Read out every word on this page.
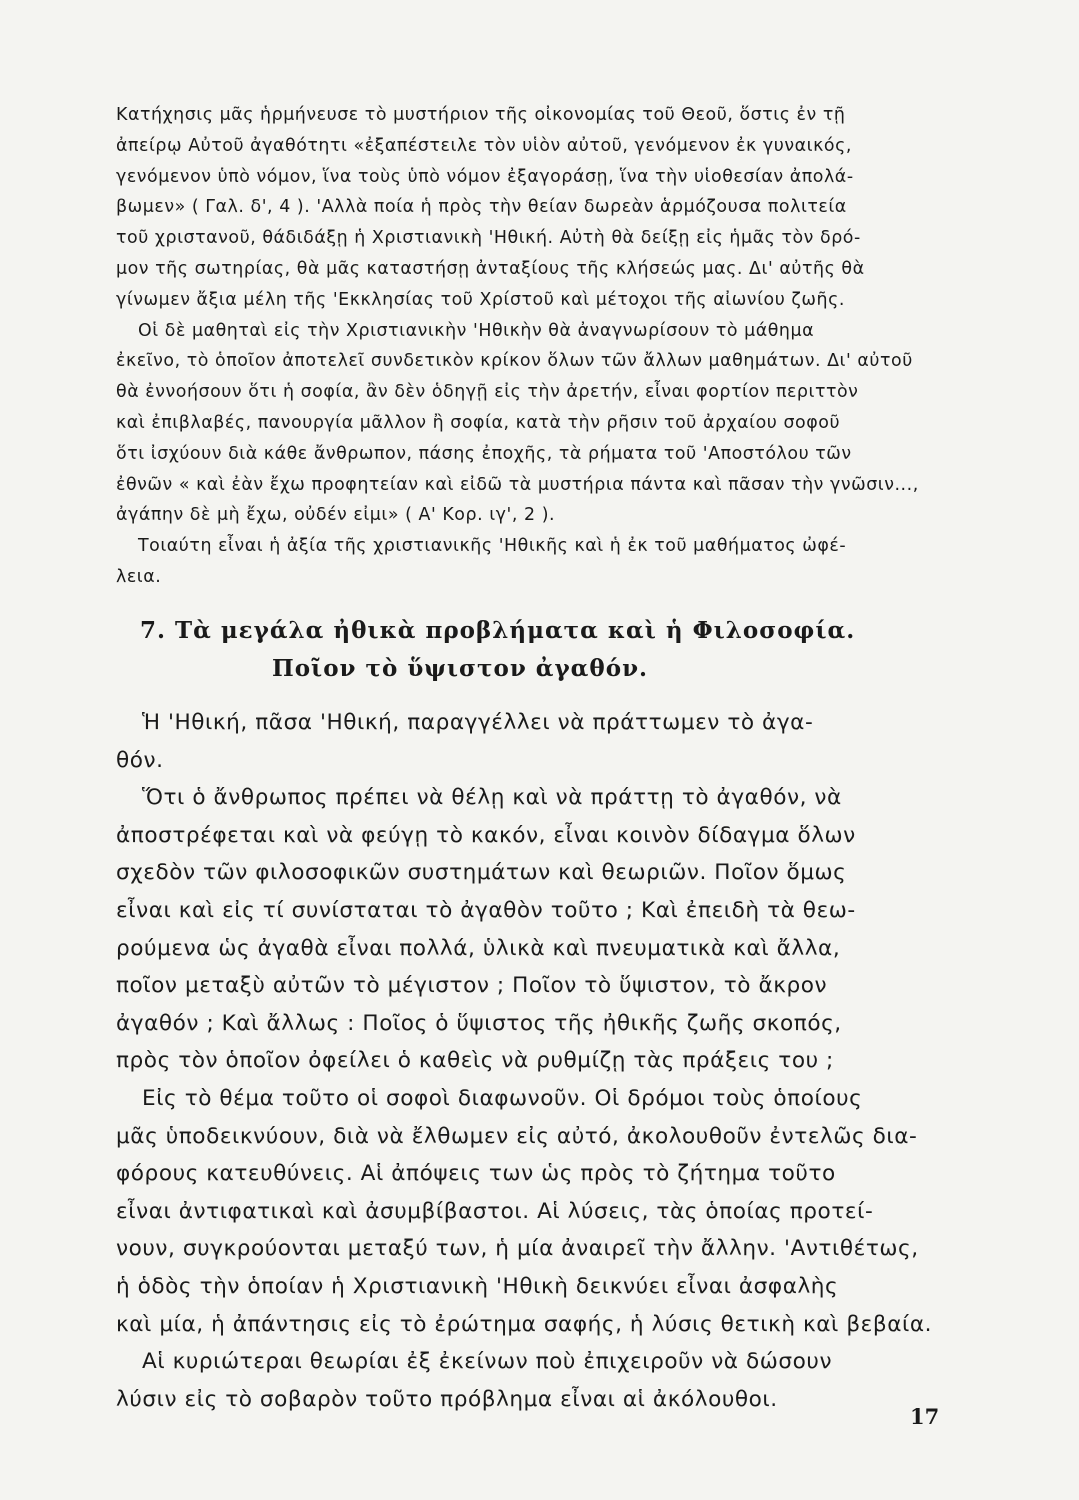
Κατήχησις μᾶς ἡρμήνευσε τὸ μυστήριον τῆς οἰκονομίας τοῦ Θεοῦ, ὅστις ἐν τῇ
ἀπείρῳ Αὐτοῦ ἀγαθότητι «ἐξαπέστειλε τὸν υἱὸν αὐτοῦ, γενόμενον ἐκ γυναικός,
γενόμενον ὑπὸ νόμον, ἵνα τοὺς ὑπὸ νόμον ἐξαγοράσῃ, ἵνα τὴν υἱοθεσίαν ἀπολά-
βωμεν» ( Γαλ. δ', 4 ). 'Αλλὰ ποία ἡ πρὸς τὴν θείαν δωρεὰν ἁρμόζουσα πολιτεία
τοῦ χριστανοῦ, θάδιδάξῃ ἡ Χριστιανικὴ 'Ηθική. Αὐτὴ θὰ δείξῃ εἰς ἡμᾶς τὸν δρό-
μον τῆς σωτηρίας, θὰ μᾶς καταστήσῃ ἀνταξίους τῆς κλήσεώς μας. Δι' αὐτῆς θὰ
γίνωμεν ἄξια μέλη τῆς 'Εκκλησίας τοῦ Χρίστοῦ καὶ μέτοχοι τῆς αἰωνίου ζωῆς.
Οἱ δὲ μαθηταὶ εἰς τὴν Χριστιανικὴν 'Ηθικὴν θὰ ἀναγνωρίσουν τὸ μάθημα
ἐκεῖνο, τὸ ὁποῖον ἀποτελεῖ συνδετικὸν κρίκον ὅλων τῶν ἄλλων μαθημάτων. Δι' αὐτοῦ
θὰ ἐννοήσουν ὅτι ἡ σοφία, ἂν δὲν ὁδηγῇ εἰς τὴν ἀρετήν, εἶναι φορτίον περιττὸν
καὶ ἐπιβλαβές, πανουργία μᾶλλον ἢ σοφία, κατὰ τὴν ρῆσιν τοῦ ἀρχαίου σοφοῦ
ὅτι ἰσχύουν διὰ κάθε ἄνθρωπον, πάσης ἐποχῆς, τὰ ρήματα τοῦ 'Αποστόλου τῶν
ἐθνῶν « καὶ ἐὰν ἔχω προφητείαν καὶ εἰδῶ τὰ μυστήρια πάντα καὶ πᾶσαν τὴν γνῶσιν...,
ἀγάπην δὲ μὴ ἔχω, οὐδέν εἰμι» ( Α' Κορ. ιγ', 2 ).
Τοιαύτη εἶναι ἡ ἀξία τῆς χριστιανικῆς 'Ηθικῆς καὶ ἡ ἐκ τοῦ μαθήματος ὠφέ-
λεια.
7. Τὰ μεγάλα ἠθικὰ προβλήματα καὶ ἡ Φιλοσοφία.
Ποῖον τὸ ὕψιστον ἀγαθόν.
Ἡ 'Ηθική, πᾶσα 'Ηθική, παραγγέλλει νὰ πράττωμεν τὸ ἀγα-
θόν.
Ὅτι ὁ ἄνθρωπος πρέπει νὰ θέλῃ καὶ νὰ πράττῃ τὸ ἀγαθόν, νὰ
ἀποστρέφεται καὶ νὰ φεύγῃ τὸ κακόν, εἶναι κοινὸν δίδαγμα ὅλων
σχεδὸν τῶν φιλοσοφικῶν συστημάτων καὶ θεωριῶν. Ποῖον ὅμως
εἶναι καὶ εἰς τί συνίσταται τὸ ἀγαθὸν τοῦτο ; Καὶ ἐπειδὴ τὰ θεω-
ρούμενα ὡς ἀγαθὰ εἶναι πολλά, ὑλικὰ καὶ πνευματικὰ καὶ ἄλλα,
ποῖον μεταξὺ αὐτῶν τὸ μέγιστον ; Ποῖον τὸ ὕψιστον, τὸ ἄκρον
ἀγαθόν ; Καὶ ἄλλως : Ποῖος ὁ ὕψιστος τῆς ἠθικῆς ζωῆς σκοπός,
πρὸς τὸν ὁποῖον ὀφείλει ὁ καθεὶς νὰ ρυθμίζῃ τὰς πράξεις του ;
Εἰς τὸ θέμα τοῦτο οἱ σοφοὶ διαφωνοῦν. Οἱ δρόμοι τοὺς ὁποίους
μᾶς ὑποδεικνύουν, διὰ νὰ ἔλθωμεν εἰς αὐτό, ἀκολουθοῦν ἐντελῶς δια-
φόρους κατευθύνεις. Αἱ ἀπόψεις των ὡς πρὸς τὸ ζήτημα τοῦτο
εἶναι ἀντιφατικαὶ καὶ ἀσυμβίβαστοι. Αἱ λύσεις, τὰς ὁποίας προτεί-
νουν, συγκρούονται μεταξύ των, ἡ μία ἀναιρεῖ τὴν ἄλλην. 'Αντιθέτως,
ἡ ὁδὸς τὴν ὁποίαν ἡ Χριστιανικὴ 'Ηθικὴ δεικνύει εἶναι ἀσφαλὴς
καὶ μία, ἡ ἀπάντησις εἰς τὸ ἐρώτημα σαφής, ἡ λύσις θετικὴ καὶ βεβαία.
Αἱ κυριώτεραι θεωρίαι ἐξ ἐκείνων ποὺ ἐπιχειροῦν νὰ δώσουν
λύσιν εἰς τὸ σοβαρὸν τοῦτο πρόβλημα εἶναι αἱ ἀκόλουθοι.
17
